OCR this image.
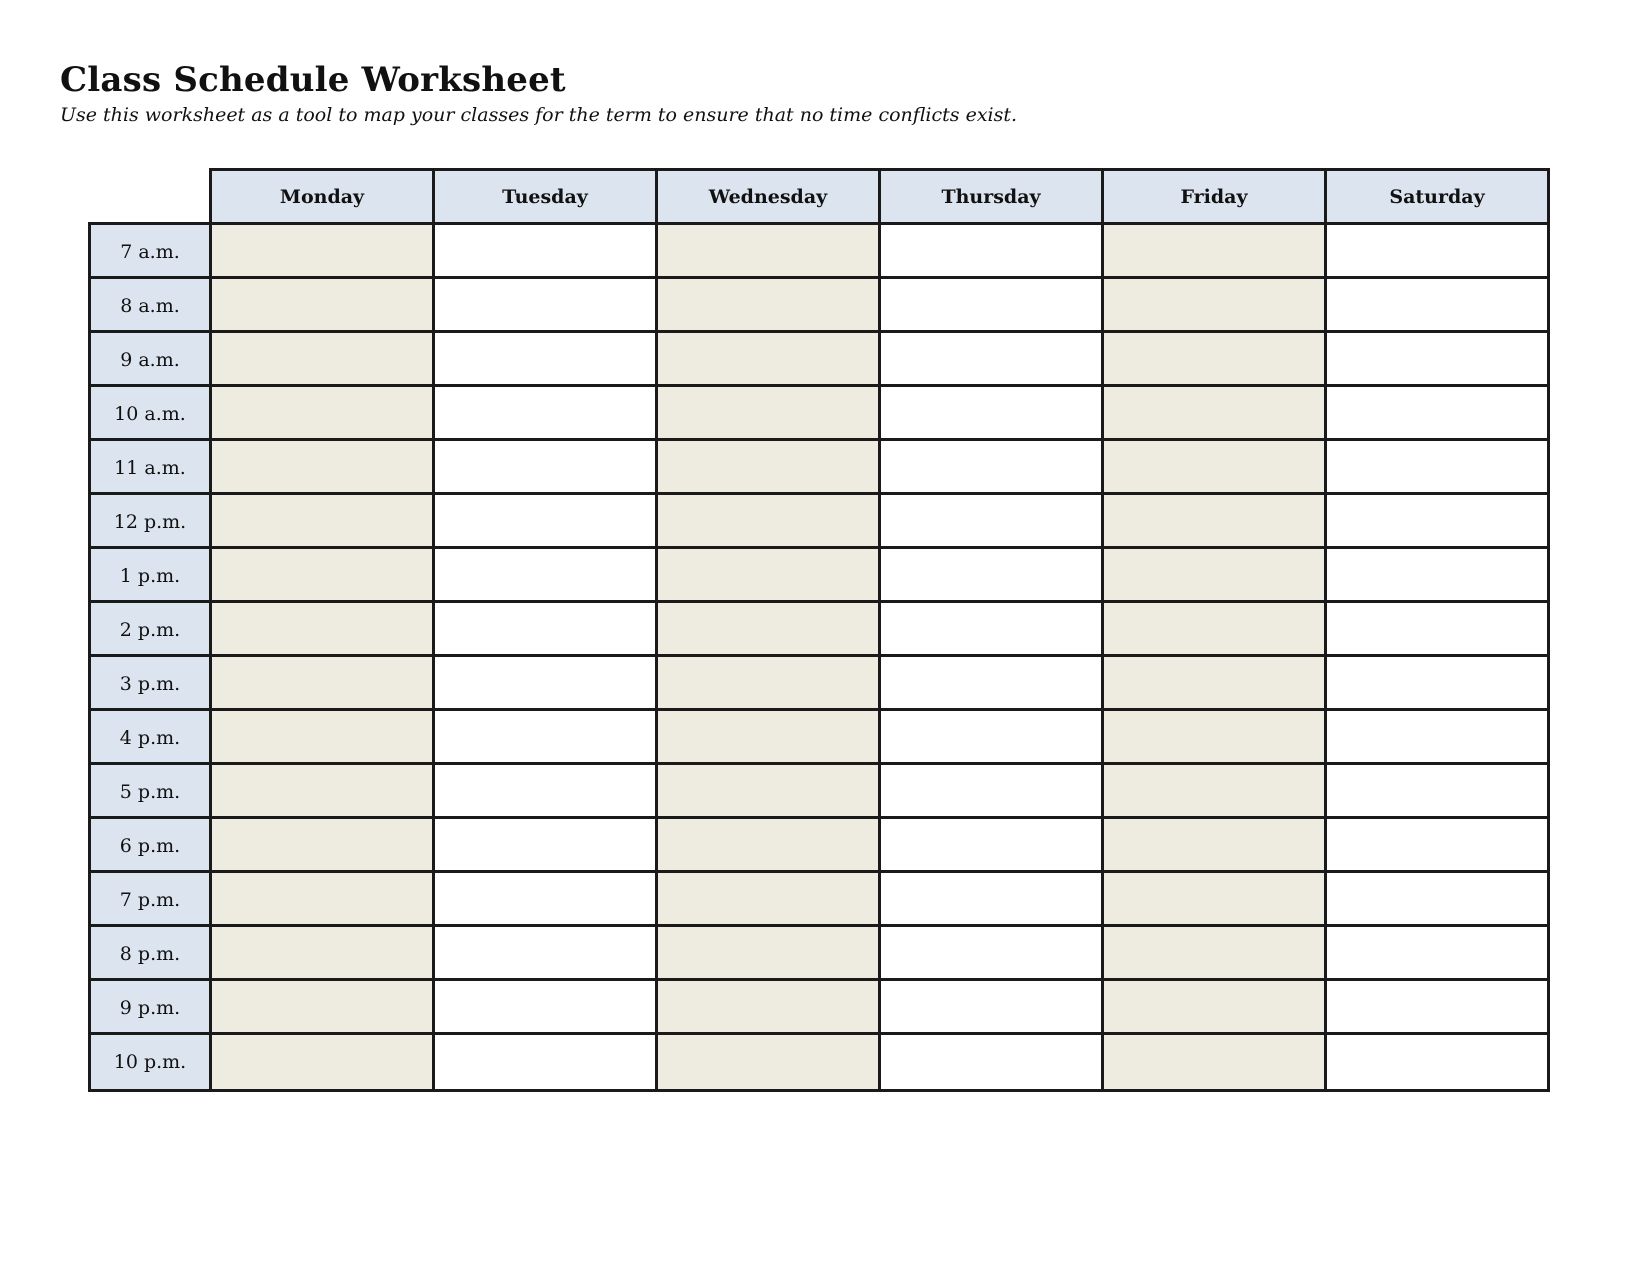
Class Schedule Worksheet
Use this worksheet as a tool to map your classes for the term to ensure that no time conflicts exist.
Monday	Tuesday	Wednesday	Thursday	Friday	Saturday
7 a.m.
8 a.m.
9 a.m.
10 a.m.
11 a.m.
12 p.m.
1 p.m.
2 p.m.
3 p.m.
4 p.m.
5 p.m.
6 p.m.
7 p.m.
8 p.m.
9 p.m.
10 p.m.
